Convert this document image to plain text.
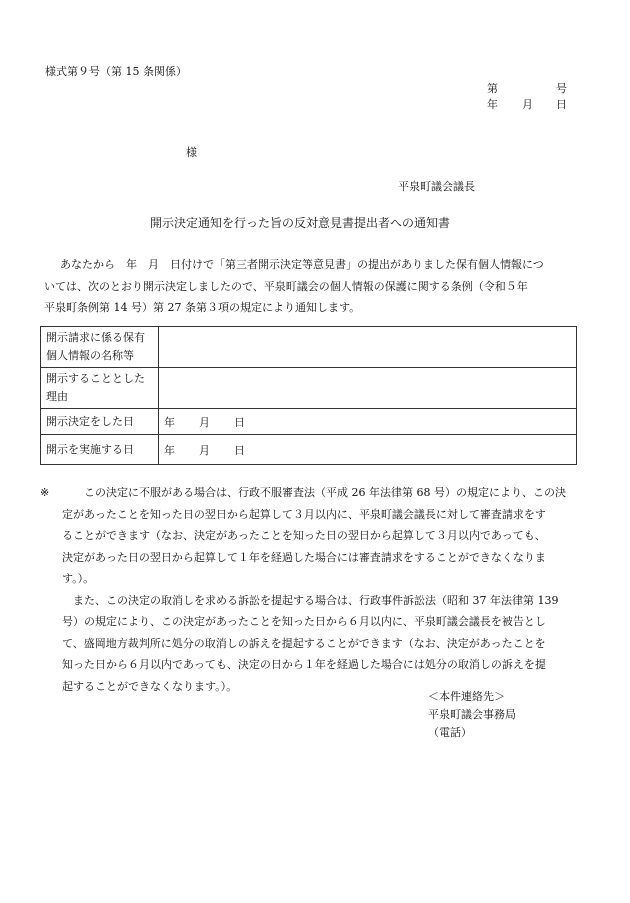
様式第９号（第 15 条関係）
第	号
年 月 日
様
平泉町議会議長
開示決定通知を行った旨の反対意見書提出者への通知書

あなたから　年　月　日付けで「第三者開示決定等意見書」の提出がありました保有個人情報につ

いては、次のとおり開示決定しましたので、平泉町議会の個人情報の保護に関する条例（令和５年

平泉町条例第 14 号）第 27 条第３項の規定により通知します。

開示請求に係る保有
個人情報の名称等	

開示することとした
理由	

開示決定をした日	年 月 日
開示を実施する日	年 月 日
※	この決定に不服がある場合は、行政不服審査法（平成 26 年法律第 68 号）の規定により、この決

定があったことを知った日の翌日から起算して３月以内に、平泉町議会議長に対して審査請求をす

ることができます（なお、決定があったことを知った日の翌日から起算して３月以内であっても、

決定があった日の翌日から起算して１年を経過した場合には審査請求をすることができなくなりま

す。）。

また、この決定の取消しを求める訴訟を提起する場合は、行政事件訴訟法（昭和 37 年法律第 139

号）の規定により、この決定があったことを知った日から６月以内に、平泉町議会議長を被告とし

て、盛岡地方裁判所に処分の取消しの訴えを提起することができます（なお、決定があったことを

知った日から６月以内であっても、決定の日から１年を経過した場合には処分の取消しの訴えを提

起することができなくなります。）。

＜本件連絡先＞
平泉町議会事務局
（電話）
